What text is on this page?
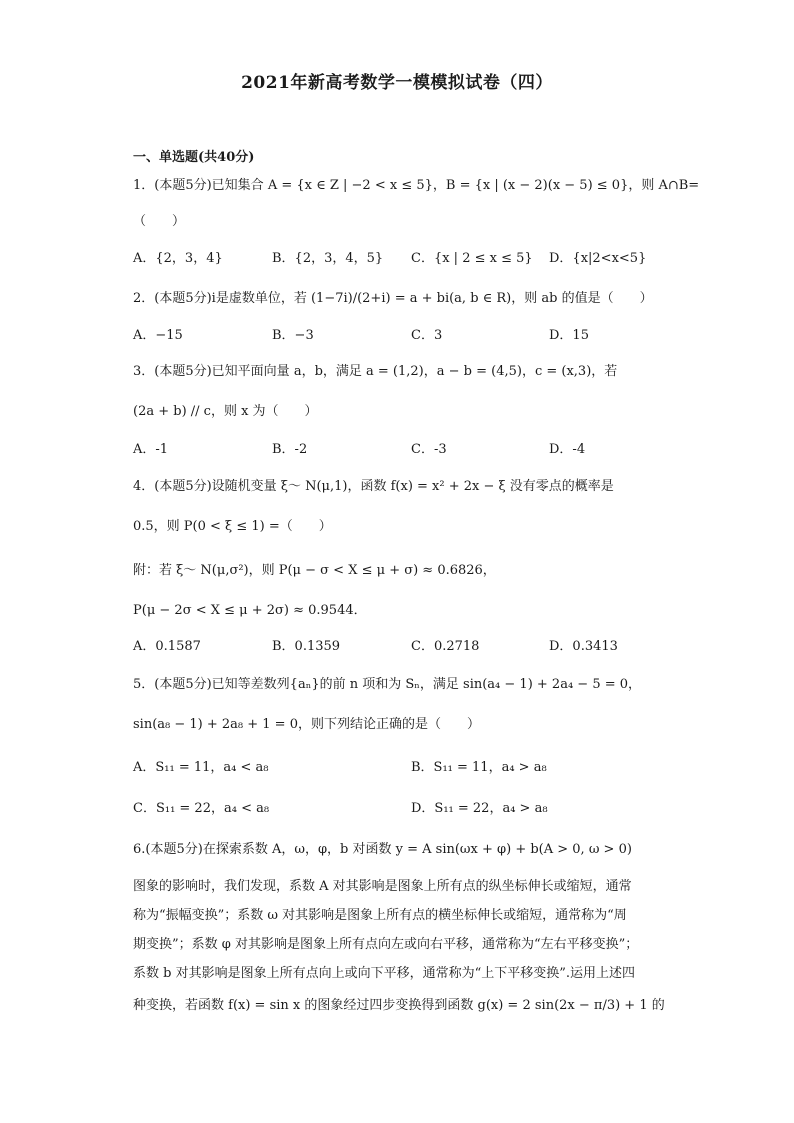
2021年新高考数学一模模拟试卷（四）
一、单选题(共40分)
1．(本题5分)已知集合 A = {x ∈ Z | −2 < x ≤ 5}，B = {x | (x − 2)(x − 5) ≤ 0}，则 A∩B=
（　　）
A．{2，3，4}	B．{2，3，4，5} C．{x | 2 ≤ x ≤ 5} D．{x|2<x<5}
2．(本题5分)i是虚数单位，若 (1−7i)/(2+i) = a + bi(a, b ∈ R)，则 ab 的值是（　　）
A．−15	B．−3	C．3	D．15
3．(本题5分)已知平面向量 a，b，满足 a = (1,2)，a − b = (4,5)，c = (x,3)，若
(2a + b) // c，则 x 为（　　）
A．-1	B．-2	C．-3	D．-4
4．(本题5分)设随机变量 ξ～ N(μ,1)，函数 f(x) = x² + 2x − ξ 没有零点的概率是
0.5，则 P(0 < ξ ≤ 1) =（　　）
附：若 ξ～ N(μ,σ²)，则 P(μ − σ < X ≤ μ + σ) ≈ 0.6826，
P(μ − 2σ < X ≤ μ + 2σ) ≈ 0.9544．
A．0.1587	B．0.1359	C．0.2718	D．0.3413
5．(本题5分)已知等差数列{aₙ}的前 n 项和为 Sₙ，满足 sin(a₄ − 1) + 2a₄ − 5 = 0，
sin(a₈ − 1) + 2a₈ + 1 = 0，则下列结论正确的是（　　）
A．S₁₁ = 11，a₄ < a₈	B．S₁₁ = 11，a₄ > a₈
C．S₁₁ = 22，a₄ < a₈	D．S₁₁ = 22，a₄ > a₈
6.(本题5分)在探索系数 A，ω，φ，b 对函数 y = A sin(ωx + φ) + b(A > 0, ω > 0)
图象的影响时，我们发现，系数 A 对其影响是图象上所有点的纵坐标伸长或缩短，通常
称为“振幅变换”；系数 ω 对其影响是图象上所有点的横坐标伸长或缩短，通常称为“周
期变换”；系数 φ 对其影响是图象上所有点向左或向右平移，通常称为“左右平移变换”；
系数 b 对其影响是图象上所有点向上或向下平移，通常称为“上下平移变换”.运用上述四
种变换，若函数 f(x) = sin x 的图象经过四步变换得到函数 g(x) = 2 sin(2x − π/3) + 1 的
